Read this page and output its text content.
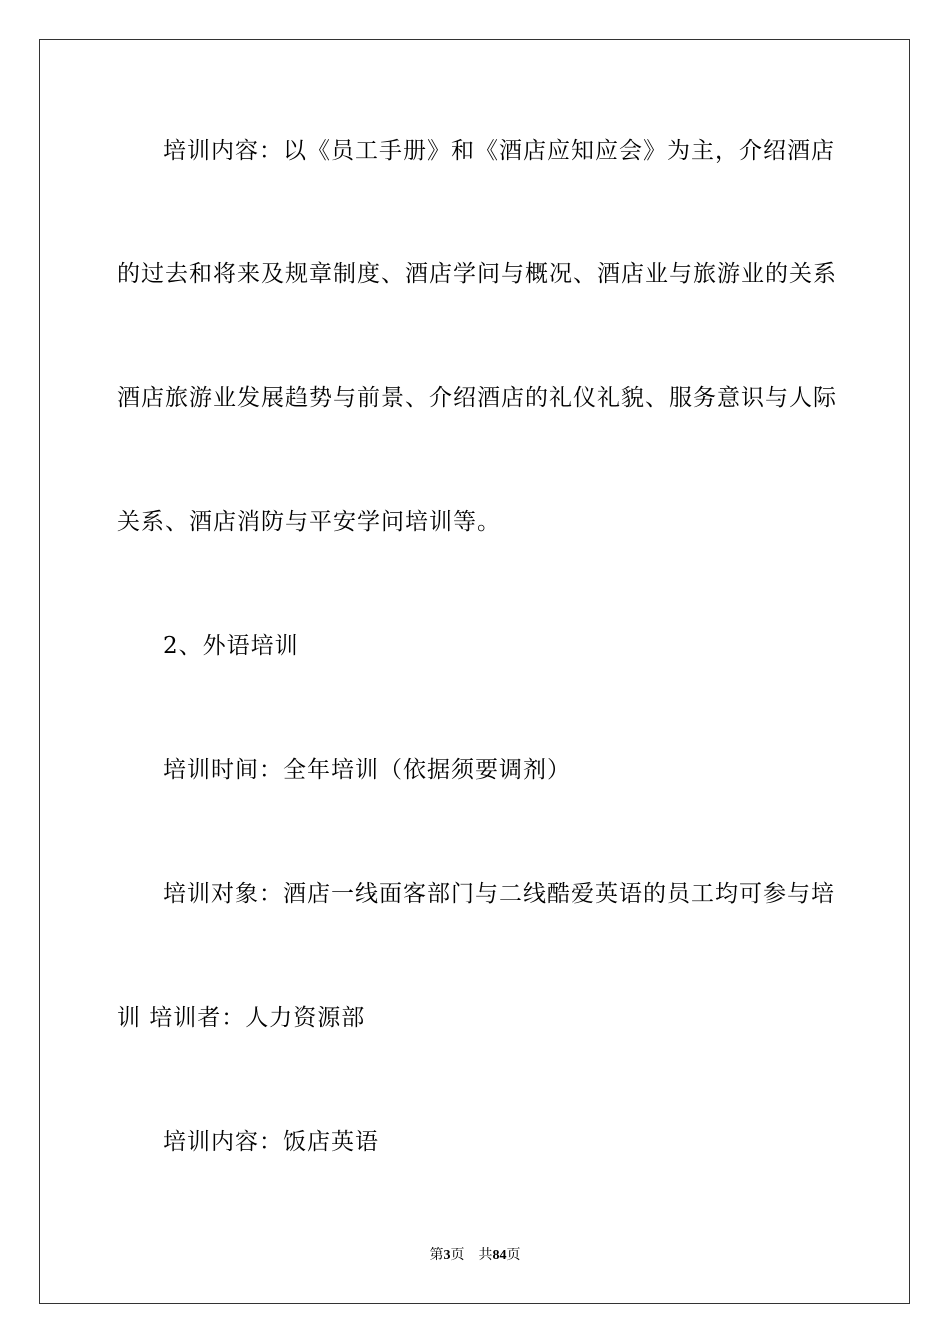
培训内容：以《员工手册》和《酒店应知应会》为主，介绍酒店
的过去和将来及规章制度、酒店学问与概况、酒店业与旅游业的关系
酒店旅游业发展趋势与前景、介绍酒店的礼仪礼貌、服务意识与人际
关系、酒店消防与平安学问培训等。
2、外语培训
培训时间：全年培训（依据须要调剂）
培训对象：酒店一线面客部门与二线酷爱英语的员工均可参与培
训 培训者：人力资源部
培训内容：饭店英语
第3页 共84页
